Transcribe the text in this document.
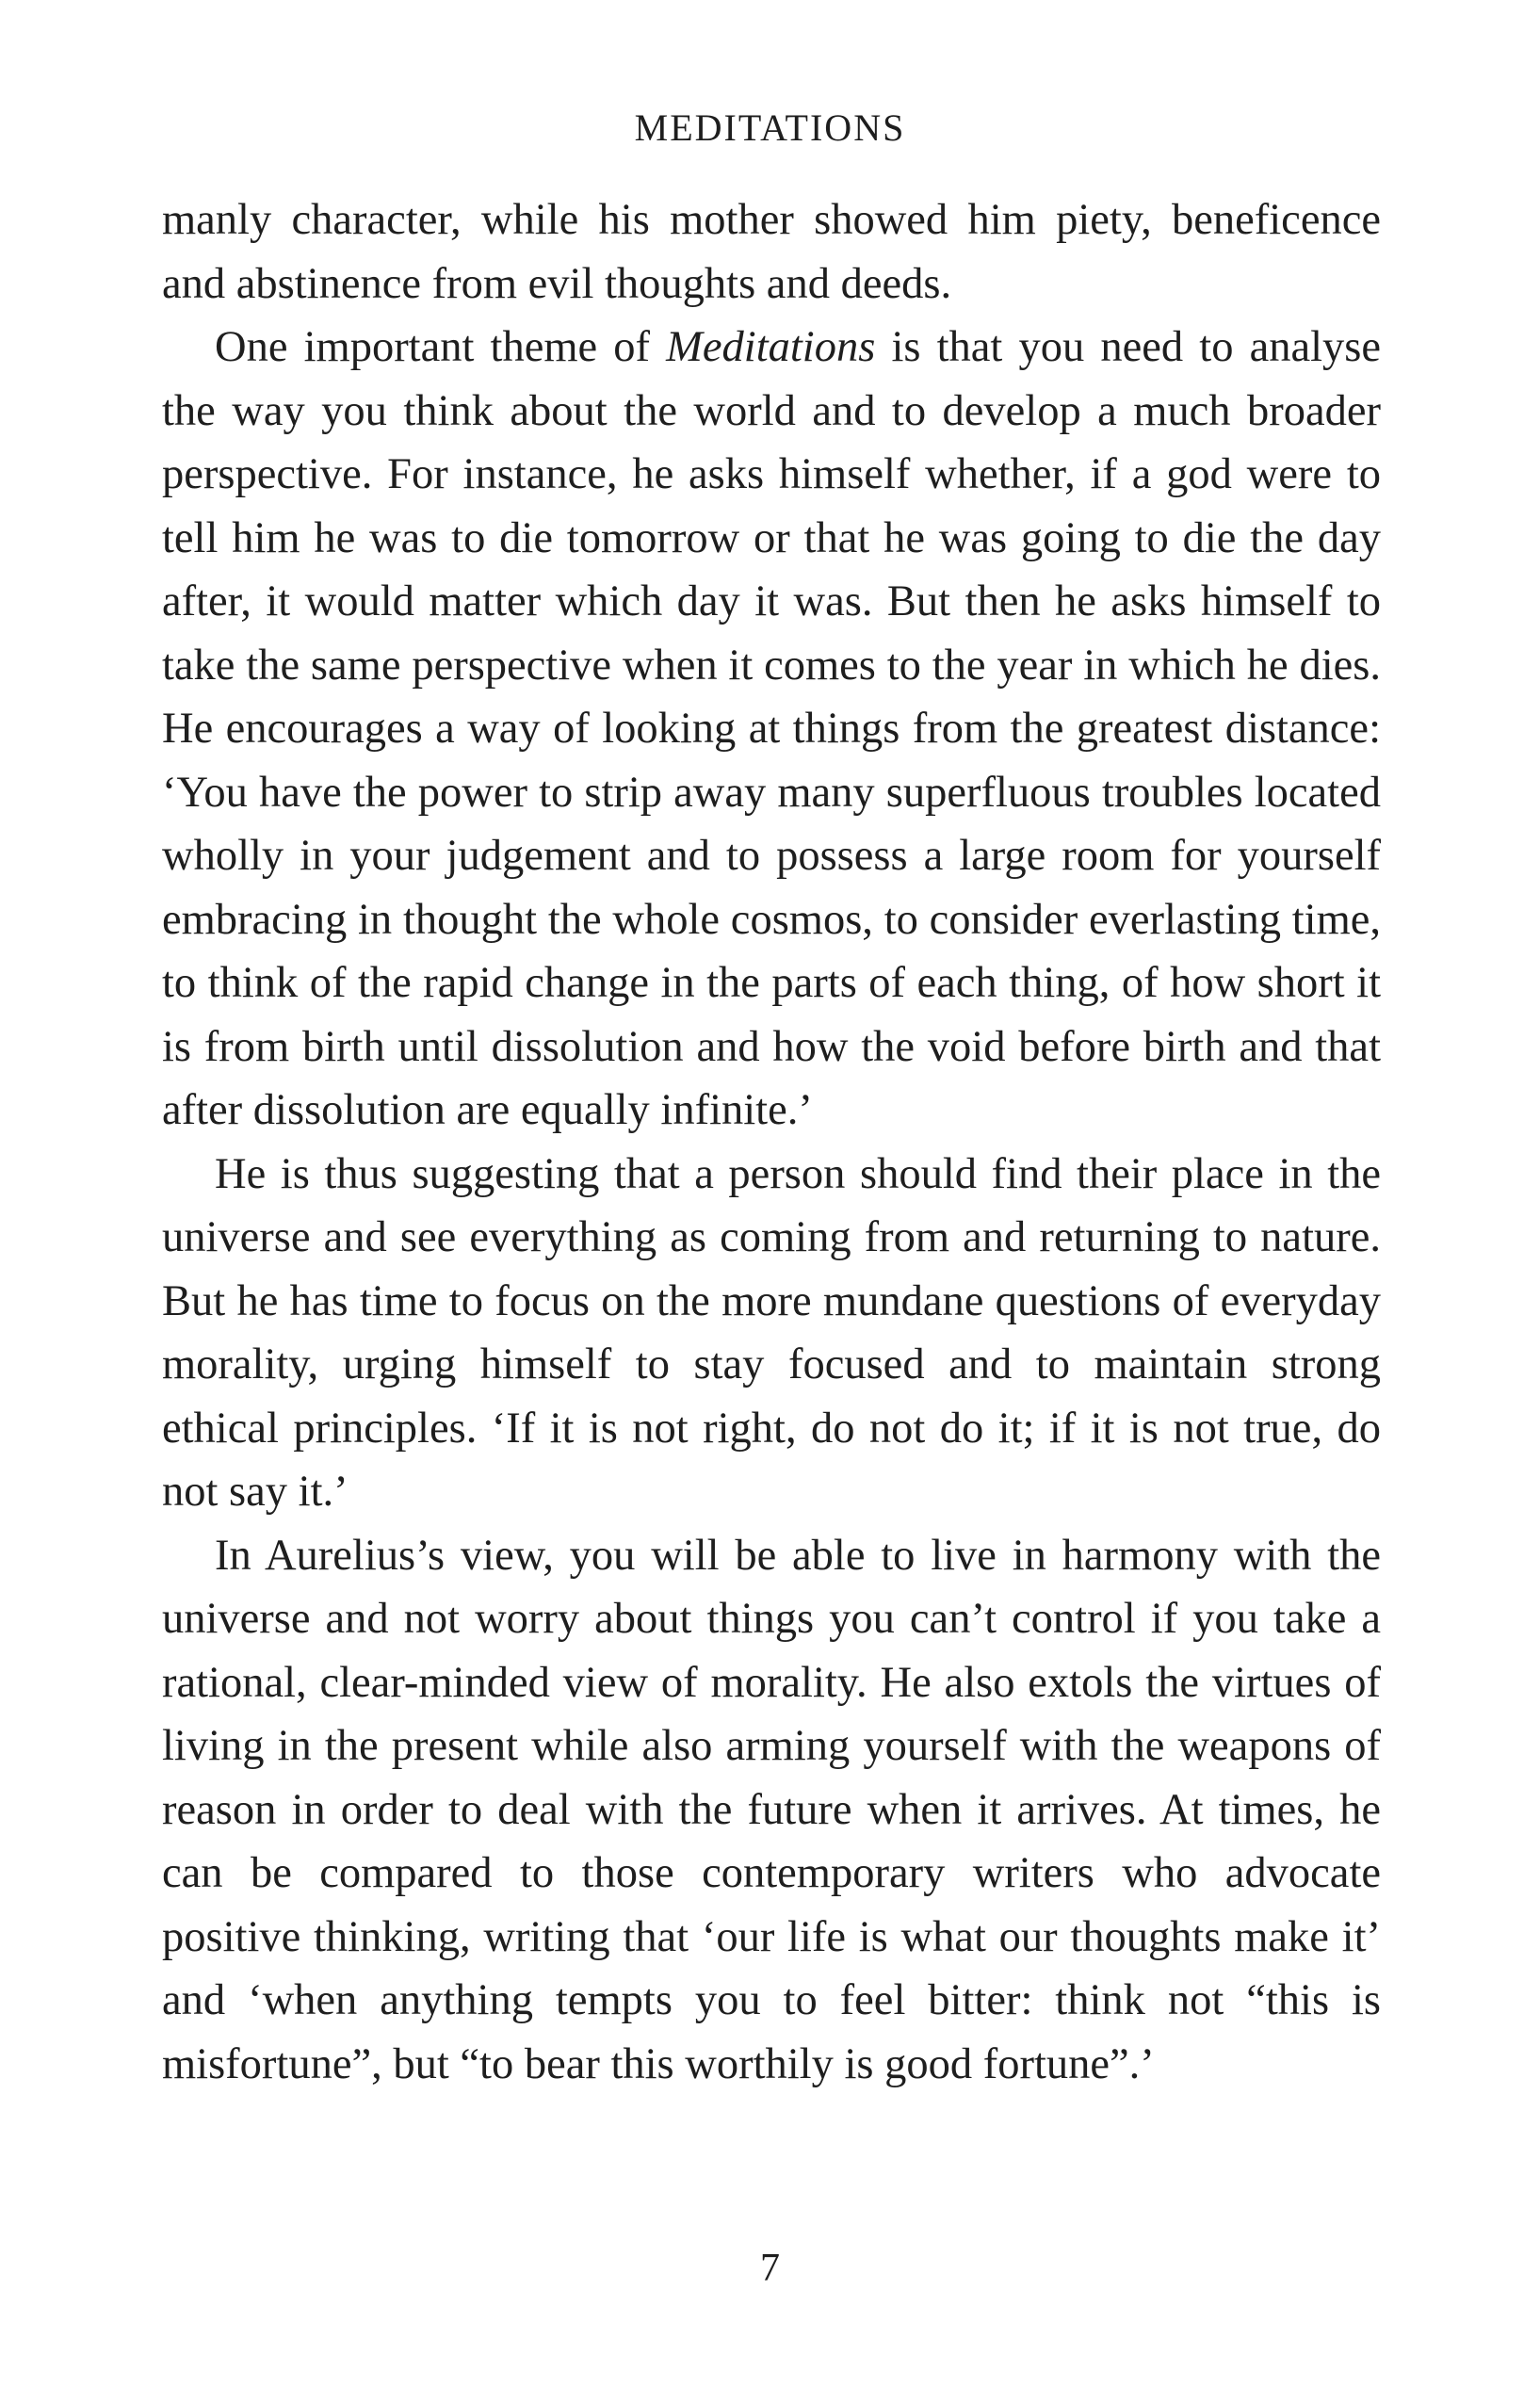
MEDITATIONS

manly character, while his mother showed him piety, beneficence and abstinence from evil thoughts and deeds.

One important theme of Meditations is that you need to analyse the way you think about the world and to develop a much broader perspective. For instance, he asks himself whether, if a god were to tell him he was to die tomorrow or that he was going to die the day after, it would matter which day it was. But then he asks himself to take the same perspective when it comes to the year in which he dies. He encourages a way of looking at things from the greatest distance: ‘You have the power to strip away many superfluous troubles located wholly in your judgement and to possess a large room for yourself embracing in thought the whole cosmos, to consider everlasting time, to think of the rapid change in the parts of each thing, of how short it is from birth until dissolution and how the void before birth and that after dissolution are equally infinite.’

He is thus suggesting that a person should find their place in the universe and see everything as coming from and returning to nature. But he has time to focus on the more mundane questions of everyday morality, urging himself to stay focused and to maintain strong ethical principles. ‘If it is not right, do not do it; if it is not true, do not say it.’

In Aurelius’s view, you will be able to live in harmony with the universe and not worry about things you can’t control if you take a rational, clear-minded view of morality. He also extols the virtues of living in the present while also arming yourself with the weapons of reason in order to deal with the future when it arrives. At times, he can be compared to those contemporary writers who advocate positive thinking, writing that ‘our life is what our thoughts make it’ and ‘when anything tempts you to feel bitter: think not “this is misfortune”, but “to bear this worthily is good fortune”.’

7
